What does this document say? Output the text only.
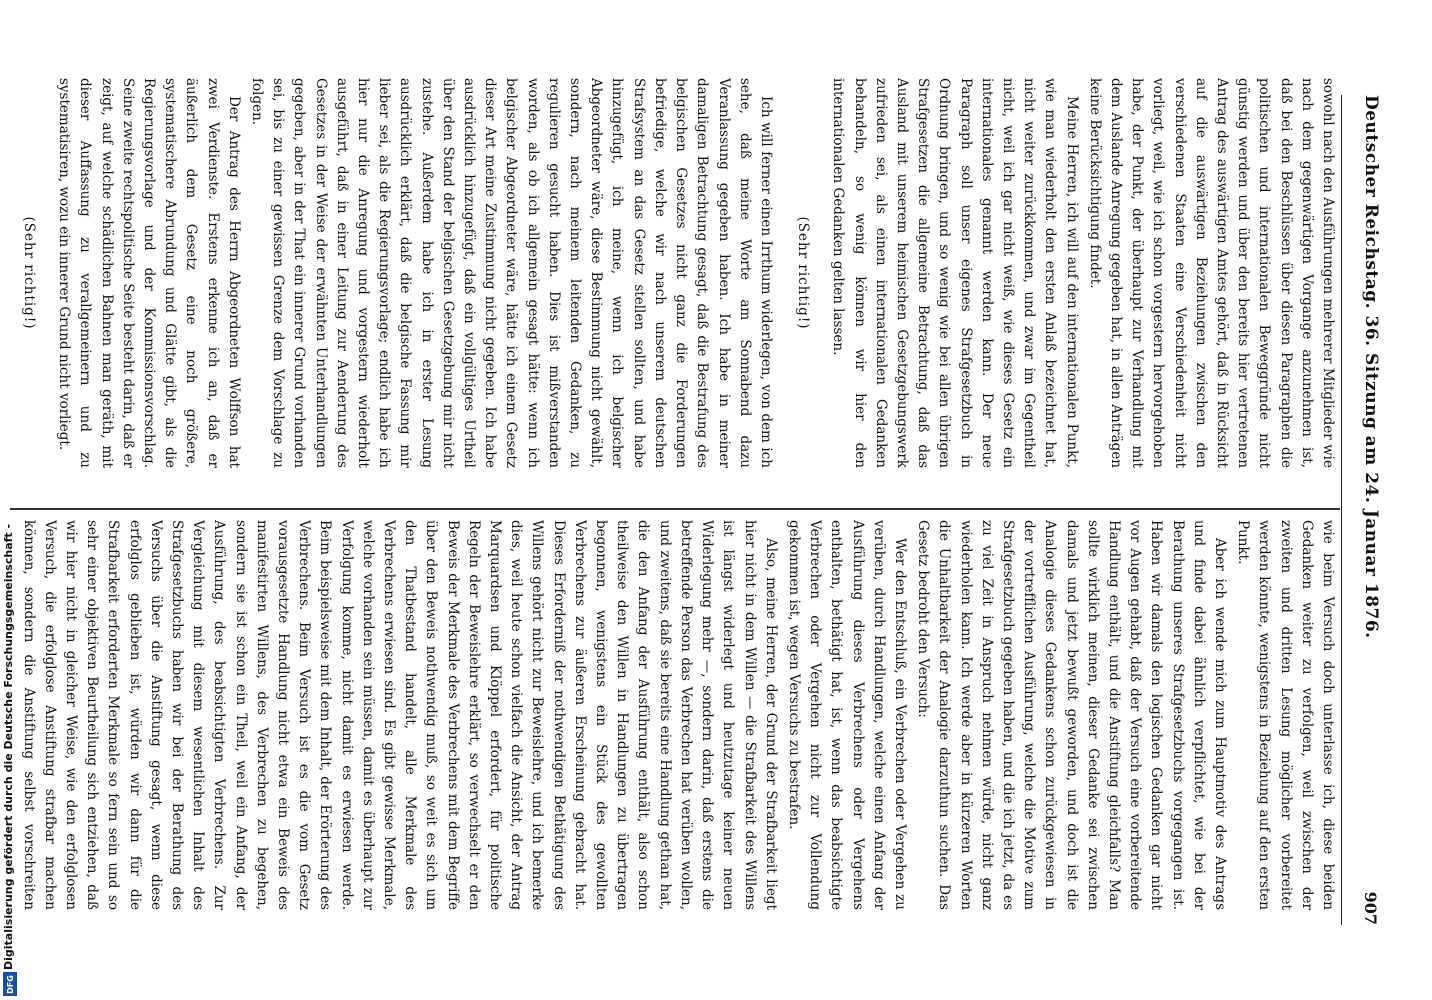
Deutscher Reichstag. 36. Sitzung am 24. Januar 1876.
907

sowohl nach den Ausführungen mehrerer Mitglieder wie nach dem gegenwärtigen Vorgange anzunehmen ist, daß bei den Beschlüssen über diesen Paragraphen die politischen und internationalen Beweggründe nicht günstig werden und über den bereits hier vertretenen Antrag des auswärtigen Amtes gehört, daß in Rücksicht auf die auswärtigen Beziehungen zwischen den verschiedenen Staaten eine Verschiedenheit nicht vorliegt, weil, wie ich schon vorgestern hervorgehoben habe, der Punkt, der überhaupt zur Verhandlung mit dem Auslande Anregung gegeben hat, in allen Anträgen keine Berücksichtigung findet.

Meine Herren, ich will auf den internationalen Punkt, wie man wiederholt den ersten Anlaß bezeichnet hat, nicht weiter zurückkommen, und zwar im Gegentheil nicht, weil ich gar nicht weiß, wie dieses Gesetz ein internationales genannt werden kann. Der neue Paragraph soll unser eigenes Strafgesetzbuch in Ordnung bringen, und so wenig wie bei allen übrigen Strafgesetzen die allgemeine Betrachtung, daß das Ausland mit unserem heimischen Gesetzgebungswerk zufrieden sei, als einen internationalen Gedanken behandeln, so wenig können wir hier den internationalen Gedanken gelten lassen.

(Sehr richtig!)

Ich will ferner einen Irrthum widerlegen, von dem ich sehe, daß meine Worte am Sonnabend dazu Veranlassung gegeben haben. Ich habe in meiner damaligen Betrachtung gesagt, daß die Bestrafung des belgischen Gesetzes nicht ganz die Forderungen befriedige, welche wir nach unserem deutschen Strafsystem an das Gesetz stellen sollten, und habe hinzugefügt, ich meine, wenn ich belgischer Abgeordneter wäre, diese Bestimmung nicht gewählt, sondern, nach meinem leitenden Gedanken, zu regulieren gesucht haben. Dies ist mißverstanden worden, als ob ich allgemein gesagt hätte: wenn ich belgischer Abgeordneter wäre, hätte ich einem Gesetz dieser Art meine Zustimmung nicht gegeben. Ich habe ausdrücklich hinzugefügt, daß ein vollgültiges Urtheil über den Stand der belgischen Gesetzgebung mir nicht zustehe. Außerdem habe ich in erster Lesung ausdrücklich erklärt, daß die belgische Fassung mir lieber sei, als die Regierungsvorlage; endlich habe ich hier nur die Anregung und vorgestern wiederholt ausgeführt, daß in einer Leitung zur Aenderung des Gesetzes in der Weise der erwähnten Unterhandlungen gegeben, aber in der That ein innerer Grund vorhanden sei, bis zu einer gewissen Grenze dem Vorschlage zu folgen.

Der Antrag des Herrn Abgeordneten Wolffson hat zwei Verdienste. Erstens erkenne ich an, daß er äußerlich dem Gesetz eine noch größere, systematischere Abrundung und Glätte gibt, als die Regierungsvorlage und der Kommissionsvorschlag. Seine zweite rechtspolitische Seite besteht darin, daß er zeigt, auf welche schädlichen Bahnen man geräth, mit dieser Auffassung zu verallgemeinern und zu systematisiren, wozu ein innerer Grund nicht vorliegt.

(Sehr richtig!)

wie beim Versuch doch unterlasse ich, diese beiden Gedanken weiter zu verfolgen, weil zwischen der zweiten und dritten Lesung möglicher vorbereitet werden könnte, wenigstens in Beziehung auf den ersten Punkt.

Aber ich wende mich zum Hauptmotiv des Antrags und finde dabei ähnlich verpflichtet, wie bei der Berathung unseres Strafgesetzbuchs vorgegangen ist. Haben wir damals den logischen Gedanken gar nicht vor Augen gehabt, daß der Versuch eine vorbereitende Handlung enthält, und die Anstiftung gleichfalls? Man sollte wirklich meinen, dieser Gedanke sei zwischen damals und jetzt bewußt geworden, und doch ist die Analogie dieses Gedankens schon zurückgewiesen in der vortrefflichen Ausführung, welche die Motive zum Strafgesetzbuch gegeben haben, und die ich jetzt, da es zu viel Zeit in Anspruch nehmen würde, nicht ganz wiederholen kann. Ich werde aber in kürzeren Worten die Unhaltbarkeit der Analogie darzuthun suchen. Das Gesetz bedroht den Versuch:

Wer den Entschluß, ein Verbrechen oder Vergehen zu verüben, durch Handlungen, welche einen Anfang der Ausführung dieses Verbrechens oder Vergehens enthalten, bethätigt hat, ist, wenn das beabsichtigte Verbrechen oder Vergehen nicht zur Vollendung gekommen ist, wegen Versuchs zu bestrafen.

Also, meine Herren, der Grund der Strafbarkeit liegt hier nicht in dem Willen — die Strafbarkeit des Willens ist längst widerlegt und heutzutage keiner neuen Widerlegung mehr —, sondern darin, daß erstens die betreffende Person das Verbrechen hat verüben wollen, und zweitens, daß sie bereits eine Handlung gethan hat, die den Anfang der Ausführung enthält, also schon theilweise den Willen in Handlungen zu übertragen begonnen, wenigstens ein Stück des gewollten Verbrechens zur äußeren Erscheinung gebracht hat. Dieses Erforderniß der nothwendigen Bethätigung des Willens gehört nicht zur Beweislehre, und ich bemerke dies, weil heute schon vielfach die Ansicht, der Antrag Marquardsen und Klöppel erfordert, für politische Regeln der Beweislehre erklärt, so verwechselt er den Beweis der Merkmale des Verbrechens mit dem Begriffe über den Beweis nothwendig muß, so weit es sich um den Thatbestand handelt, alle Merkmale des Verbrechens erwiesen sind. Es gibt gewisse Merkmale, welche vorhanden sein müssen, damit es überhaupt zur Verfolgung komme, nicht damit es erwiesen werde. Beim beispielsweise mit dem Inhalt, der Erörterung des Verbrechens. Beim Versuch ist es die vom Gesetz vorausgesetzte Handlung nicht etwa ein Beweis des manifestirten Willens, des Verbrechen zu begehen, sondern sie ist schon ein Theil, weil ein Anfang, der Ausführung, des beabsichtigten Verbrechens. Zur Vergleichung mit diesem wesentlichen Inhalt des Strafgesetzbuchs haben wir bei der Berathung des Versuchs über die Anstiftung gesagt, wenn diese erfolglos geblieben ist, würden wir dann für die Strafbarkeit erforderten Merkmale so fern sein und so sehr einer objektiven Beurtheilung sich entziehen, daß wir hier nicht in gleicher Weise, wie den erfolglosen Versuch, die erfolglose Anstiftung strafbar machen können, sondern die Anstiftung selbst vorschreiten

Digitalisierung gefördert durch die Deutsche Forschungsgemeinschaft -
DFG
